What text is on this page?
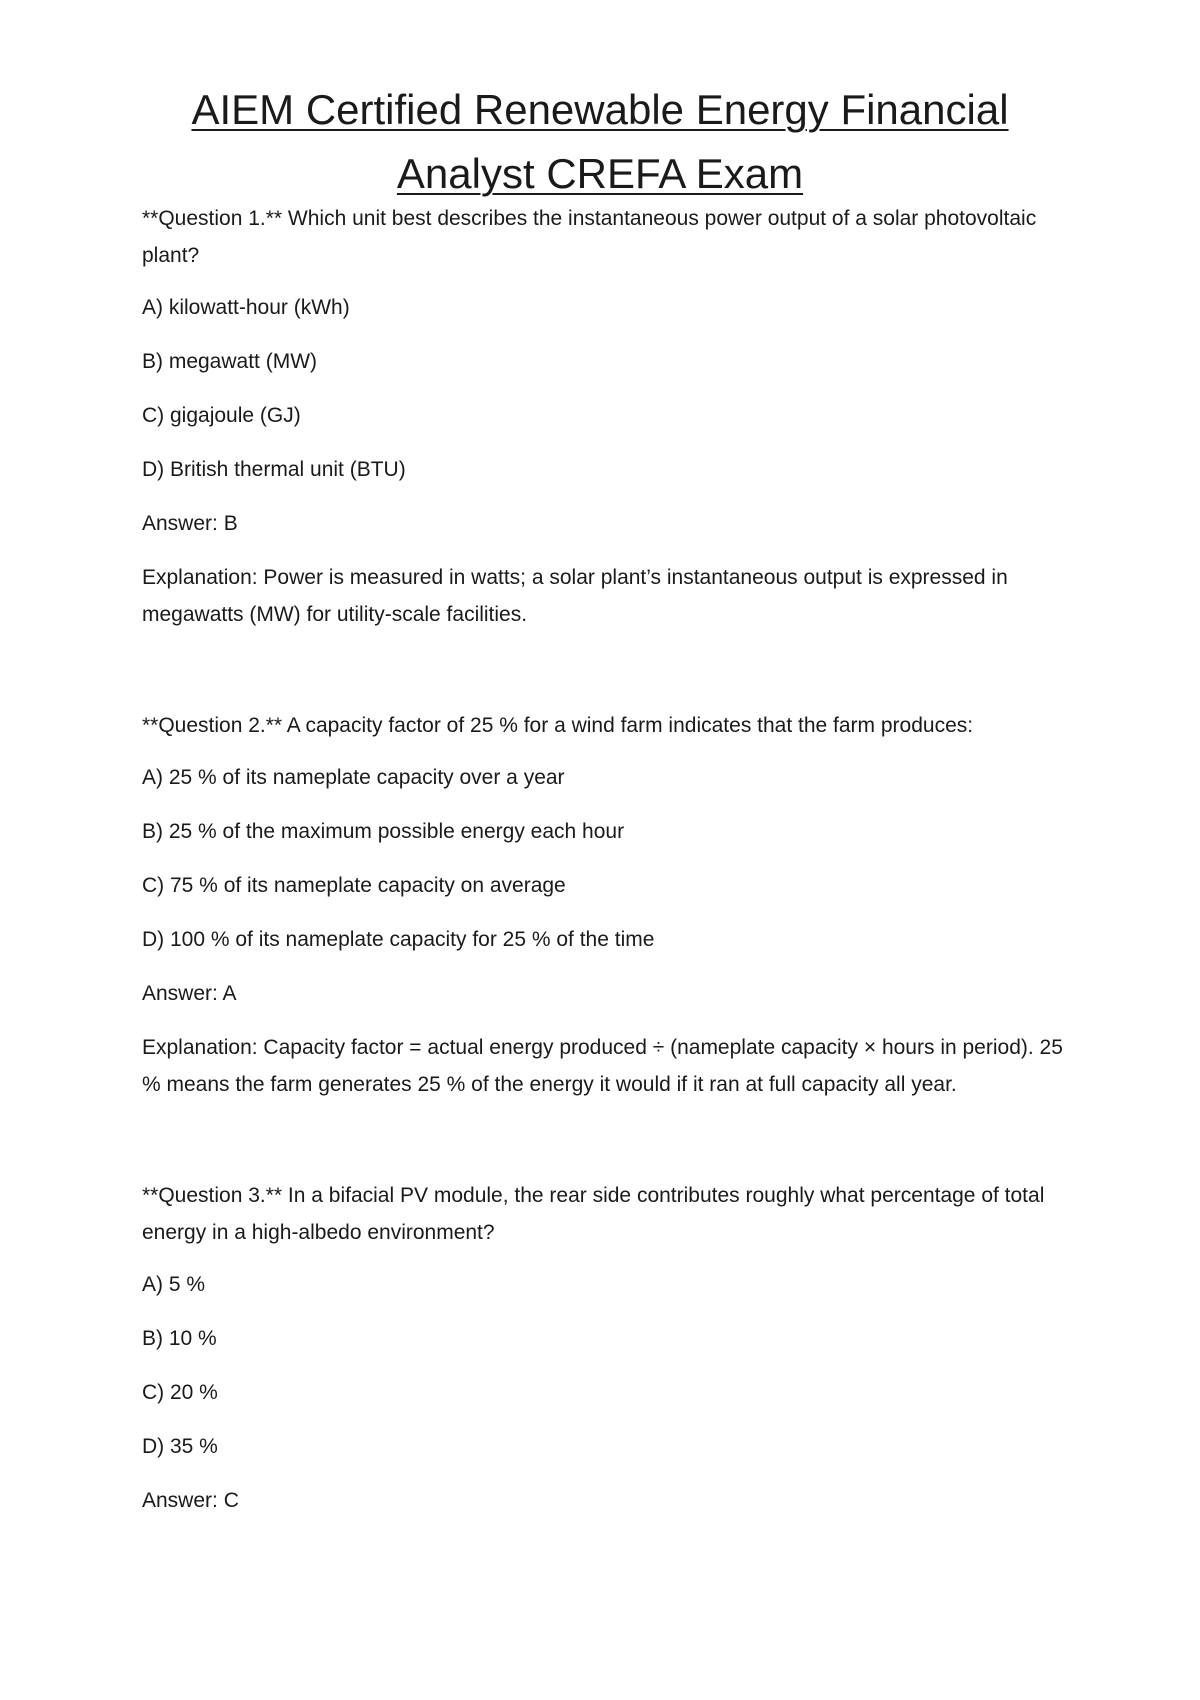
AIEM Certified Renewable Energy Financial
Analyst CREFA Exam

**Question 1.** Which unit best describes the instantaneous power output of a solar photovoltaic plant?

A) kilowatt-hour (kWh)

B) megawatt (MW)

C) gigajoule (GJ)

D) British thermal unit (BTU)

Answer: B

Explanation: Power is measured in watts; a solar plant’s instantaneous output is expressed in megawatts (MW) for utility-scale facilities.

**Question 2.** A capacity factor of 25 % for a wind farm indicates that the farm produces:

A) 25 % of its nameplate capacity over a year

B) 25 % of the maximum possible energy each hour

C) 75 % of its nameplate capacity on average

D) 100 % of its nameplate capacity for 25 % of the time

Answer: A

Explanation: Capacity factor = actual energy produced ÷ (nameplate capacity × hours in period). 25 % means the farm generates 25 % of the energy it would if it ran at full capacity all year.

**Question 3.** In a bifacial PV module, the rear side contributes roughly what percentage of total energy in a high-albedo environment?

A) 5 %

B) 10 %

C) 20 %

D) 35 %

Answer: C
